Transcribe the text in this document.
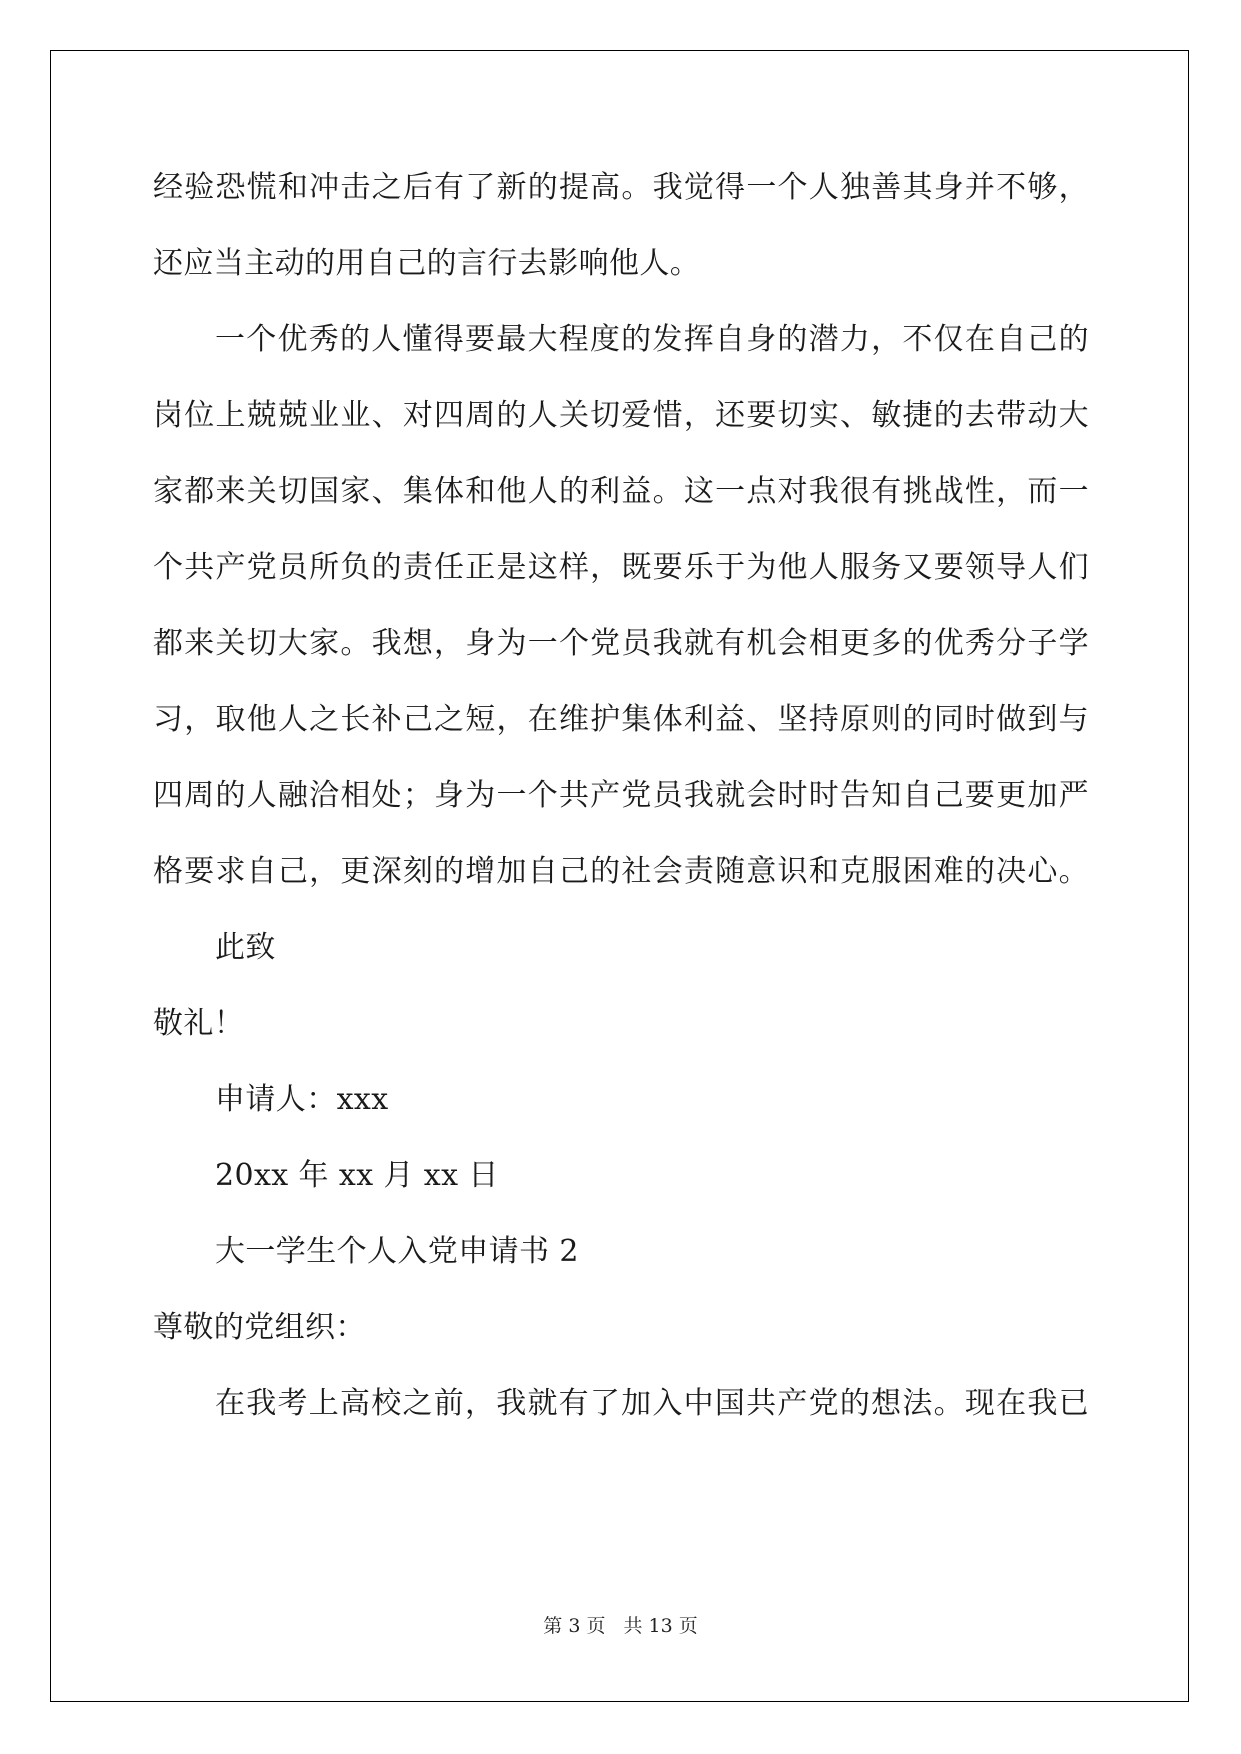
经验恐慌和冲击之后有了新的提高。我觉得一个人独善其身并不够，
还应当主动的用自己的言行去影响他人。
一个优秀的人懂得要最大程度的发挥自身的潜力，不仅在自己的
岗位上兢兢业业、对四周的人关切爱惜，还要切实、敏捷的去带动大
家都来关切国家、集体和他人的利益。这一点对我很有挑战性，而一
个共产党员所负的责任正是这样，既要乐于为他人服务又要领导人们
都来关切大家。我想，身为一个党员我就有机会相更多的优秀分子学
习，取他人之长补己之短，在维护集体利益、坚持原则的同时做到与
四周的人融洽相处；身为一个共产党员我就会时时告知自己要更加严
格要求自己，更深刻的增加自己的社会责随意识和克服困难的决心。
此致
敬礼！
申请人：xxx
20xx 年 xx 月 xx 日
大一学生个人入党申请书 2
尊敬的党组织：
在我考上高校之前，我就有了加入中国共产党的想法。现在我已
第 3 页 共 13 页
